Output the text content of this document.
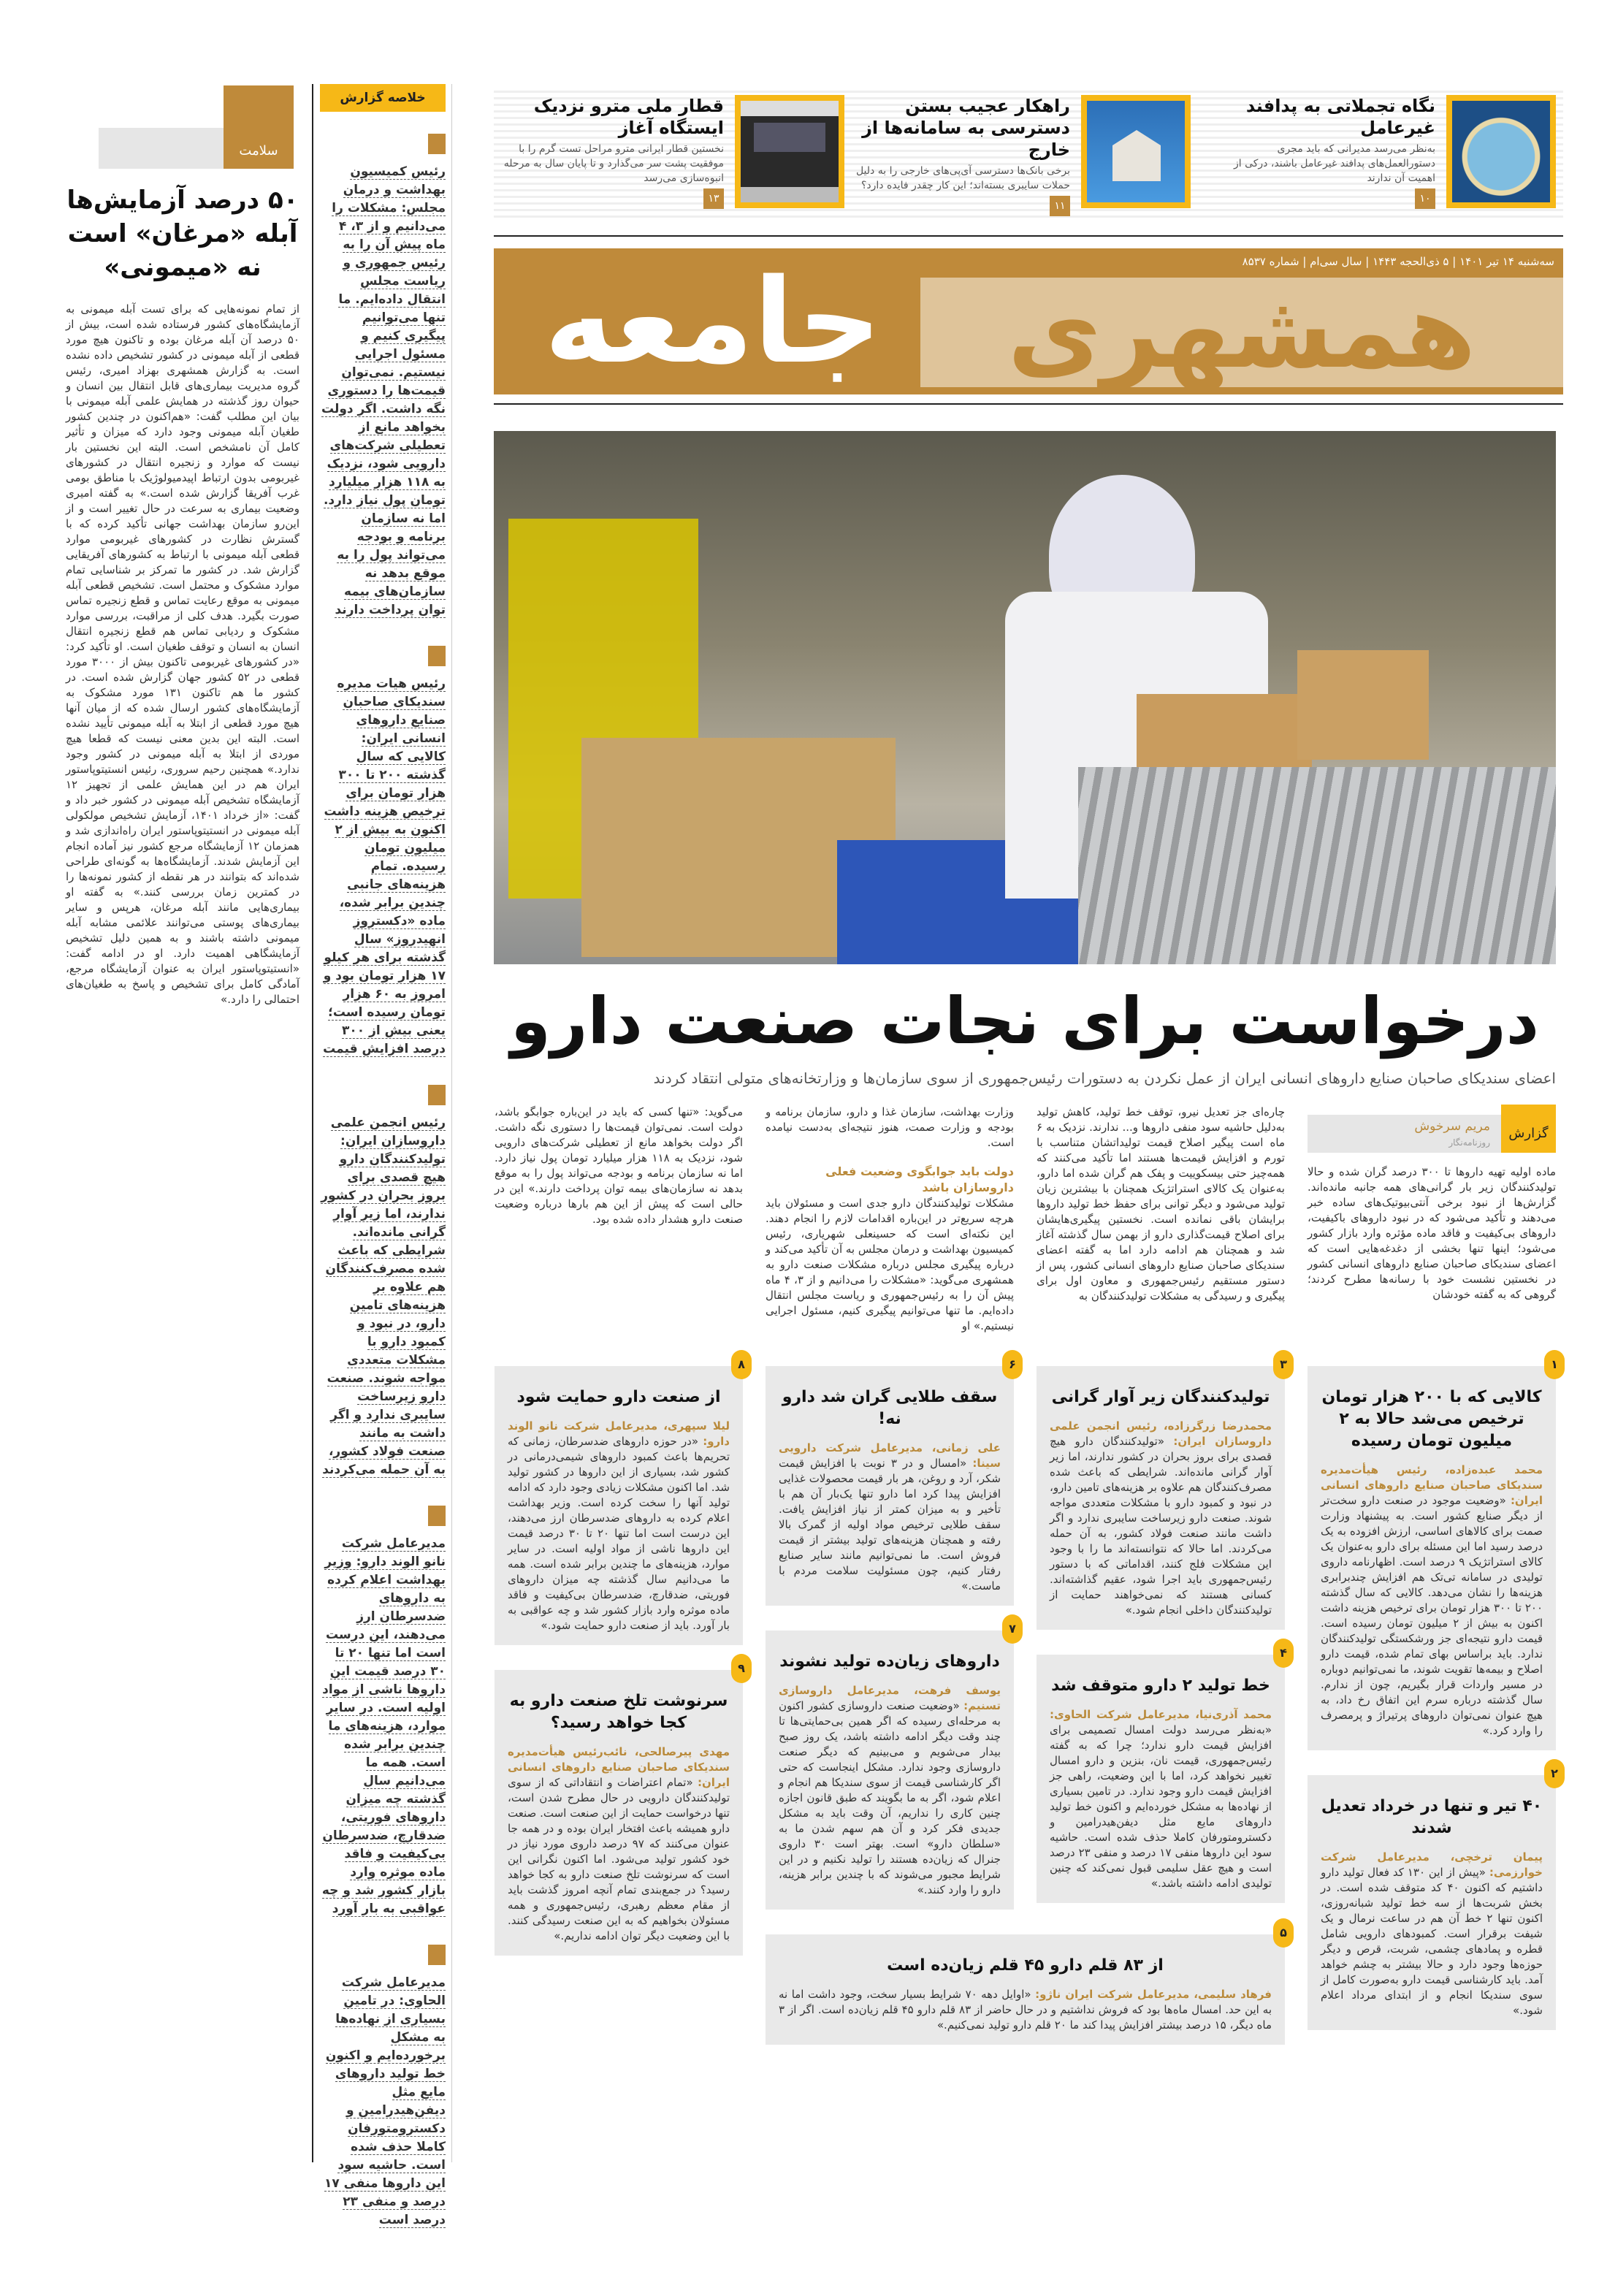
نگاه تجملاتی به پدافند غیرعامل
به‌نظر می‌رسد مدیرانی که باید مجری دستورالعمل‌های پدافند غیرعامل باشند، درکی از اهمیت آن ندارند
۱۰
راهکار عجیب بستن دسترسی به سامانه‌ها از خارج
برخی بانک‌ها دسترسی آی‌پی‌های خارجی را به دلیل حملات سایبری بسته‌اند؛ این کار چقدر فایده دارد؟
۱۱
قطار ملی مترو نزدیک ایستگاه آغاز
نخستین قطار ایرانی مترو مراحل تست گرم را با موفقیت پشت سر می‌گذارد و تا پایان سال به مرحله انبوه‌سازی می‌رسد
۱۳
سه‌شنبه ۱۴ تیر ۱۴۰۱ | ۵ ذی‌الحجه ۱۴۴۳ | سال سی‌ام | شماره ۸۵۳۷
همشهری
جامعه
درخواست برای نجات صنعت دارو
اعضای سندیکای صاحبان صنایع داروهای انسانی ایران از عمل نکردن به دستورات رئیس‌جمهوری از سوی سازمان‌ها و وزارتخانه‌های متولی انتقاد کردند
گزارش
مریم سرخوش
روزنامه‌نگار
ماده اولیه تهیه داروها تا ۳۰۰ درصد گران شده و حالا تولیدکنندگان زیر بار گرانی‌های همه جانبه مانده‌اند. گزارش‌ها از نبود برخی آنتی‌بیوتیک‌های ساده خبر می‌دهند و تأکید می‌شود که در نبود داروهای باکیفیت، داروهای بی‌کیفیت و فاقد ماده مؤثره وارد بازار کشور می‌شود؛ اینها تنها بخشی از دغدغه‌هایی است که اعضای سندیکای صاحبان صنایع داروهای انسانی کشور در نخستین نشست خود با رسانه‌ها مطرح کردند؛ گروهی که به گفته خودشان
چاره‌ای جز تعدیل نیرو، توقف خط تولید، کاهش تولید به‌دلیل حاشیه سود منفی داروها و... ندارند. نزدیک به ۶ ماه است پیگیر اصلاح قیمت تولیداتشان متناسب با تورم و افزایش قیمت‌ها هستند اما تأکید می‌کنند که همه‌چیز حتی بیسکوییت و پفک هم گران شده اما دارو، به‌عنوان یک کالای استراتژیک همچنان با بیشترین زیان تولید می‌شود و دیگر توانی برای حفظ خط تولید داروها برایشان باقی نمانده است. نخستین پیگیری‌هایشان برای اصلاح قیمت‌گذاری دارو از بهمن سال گذشته آغاز شد و همچنان هم ادامه دارد اما به گفته اعضای سندیکای صاحبان صنایع داروهای انسانی کشور، پس از دستور مستقیم رئیس‌جمهوری و معاون اول برای پیگیری و رسیدگی به مشکلات تولیدکنندگان به
وزارت بهداشت، سازمان غذا و دارو، سازمان برنامه و بودجه و وزارت صمت، هنوز نتیجه‌ای به‌دست نیامده است.
دولت باید جوابگوی وضعیت فعلی داروسازان باشد
مشکلات تولیدکنندگان دارو جدی است و مسئولان باید هرچه سریع‌تر در این‌باره اقدامات لازم را انجام دهند. این نکته‌ای است که حسینعلی شهریاری، رئیس کمیسیون بهداشت و درمان مجلس به آن تأکید می‌کند و درباره پیگیری مجلس درباره مشکلات صنعت دارو به همشهری می‌گوید: «مشکلات را می‌دانیم و از ۳، ۴ ماه پیش آن را به رئیس‌جمهوری و ریاست مجلس انتقال داده‌ایم. ما تنها می‌توانیم پیگیری کنیم، مسئول اجرایی نیستیم.» او
می‌گوید: «تنها کسی که باید در این‌باره جوابگو باشد، دولت است. نمی‌توان قیمت‌ها را دستوری نگه داشت. اگر دولت بخواهد مانع از تعطیلی شرکت‌های دارویی شود، نزدیک به ۱۱۸ هزار میلیارد تومان پول نیاز دارد. اما نه سازمان برنامه و بودجه می‌تواند پول را به موقع بدهد نه سازمان‌های بیمه توان پرداخت دارند.» این در حالی است که پیش از این هم بارها درباره وضعیت صنعت دارو هشدار داده شده بود.
۱
کالایی که با ۲۰۰ هزار تومان ترخیص می‌شد حالا به ۲ میلیون تومان رسیده

محمد عبده‌زاده، رئیس هیأت‌مدیره سندیکای صاحبان صنایع داروهای انسانی ایران: «وضعیت موجود در صنعت دارو سخت‌تر از دیگر صنایع کشور است. به پیشنهاد وزارت صمت برای کالاهای اساسی، ارزش افزوده به یک درصد رسید اما این مسئله برای دارو به‌عنوان یک کالای استراتژیک ۹ درصد است. اظهارنامه داروی تولیدی در سامانه تی‌تک هم افزایش چندبرابری هزینه‌ها را نشان می‌دهد. کالایی که سال گذشته ۲۰۰ تا ۳۰۰ هزار تومان برای ترخیص هزینه داشت اکنون به بیش از ۲ میلیون تومان رسیده است. قیمت دارو نتیجه‌ای جز ورشکستگی تولیدکنندگان ندارد. باید براساس بهای تمام شده، قیمت دارو اصلاح و بیمه‌ها تقویت شوند، ما نمی‌توانیم دوباره در مسیر واردات قرار بگیریم، چون از ندارم. سال گذشته درباره سرم این اتفاق رخ داد، به هیچ عنوان نمی‌توان داروهای پرتیراژ و پرمصرف را وارد کرد.»

۲
۴۰ تیر و تنها در خرداد تعدیل شدند

پیمان ترخچی، مدیرعامل شرکت خوارزمی: «پیش از این ۱۳۰ کد فعال تولید دارو داشتیم که اکنون ۴۰ کد متوقف شده است. در بخش شربت‌ها از سه خط تولید شبانه‌روزی، اکنون تنها ۲ خط آن هم در ساعت نرمال و یک شیفت برقرار است. کمبودهای دارویی شامل قطره و پمادهای چشمی، شربت، قرص و دیگر حوزه‌ها وجود دارد و حالا بیشتر به چشم خواهد آمد. باید کارشناسی قیمت دارو به‌صورت کامل از سوی سندیکا انجام و از ابتدای مرداد اعلام شود.»

۳
تولیدکنندگان زیر آوار گرانی

محمدرضا زرگرزاده، رئیس انجمن علمی داروسازان ایران: «تولیدکنندگان دارو هیچ قصدی برای بروز بحران در کشور ندارند، اما زیر آوار گرانی مانده‌اند. شرایطی که باعث شده مصرف‌کنندگان هم علاوه بر هزینه‌های تامین دارو، در نبود و کمبود دارو با مشکلات متعددی مواجه شوند. صنعت دارو زیرساخت سایبری ندارد و اگر داشت مانند صنعت فولاد کشور، به آن حمله می‌کردند. اما حالا که نتوانسته‌اند ما را با وجود این مشکلات فلج کنند، اقداماتی که با دستور رئیس‌جمهوری باید اجرا شود، عقیم گذاشته‌اند. کسانی هستند که نمی‌خواهند حمایت از تولیدکنندگان داخلی انجام شود.»

۴
خط تولید ۲ دارو متوقف شد

محمد آذری‌نیا، مدیرعامل شرکت الحاوی: «به‌نظر می‌رسد دولت امسال تصمیمی برای افزایش قیمت دارو ندارد؛ چرا که به گفته رئیس‌جمهوری، قیمت نان، بنزین و دارو امسال تغییر نخواهد کرد، اما با این وضعیت، راهی جز افزایش قیمت دارو وجود ندارد. در تامین بسیاری از نهاده‌ها به مشکل خورده‌ایم و اکنون خط تولید داروهای مایع مثل دیفن‌هیدرامین و دکسترومتورفان کاملا حذف شده است. حاشیه سود این داروها منفی ۱۷ درصد و منفی ۲۳ درصد است و هیچ عقل سلیمی قبول نمی‌کند که چنین تولیدی ادامه داشته باشد.»

۶
سقف طلایی گران شد دارو نه!

علی زمانی، مدیرعامل شرکت دارویی سینا: «امسال و در ۳ نوبت با افزایش قیمت شکر، آرد و روغن، هر بار قیمت محصولات غذایی افزایش پیدا کرد اما دارو تنها یک‌بار آن هم با تأخیر و به میزان کمتر از نیاز افزایش یافت. سقف طلایی ترخیص مواد اولیه از گمرک بالا رفته و همچنان هزینه‌های تولید بیشتر از قیمت فروش است. ما نمی‌توانیم مانند سایر صنایع رفتار کنیم، چون مسئولیت سلامت مردم با ماست.»

۷
داروهای زیان‌ده تولید نشوند

یوسف فرهت، مدیرعامل داروسازی تسنیم: «وضعیت صنعت داروسازی کشور اکنون به مرحله‌ای رسیده که اگر همین بی‌حمایتی‌ها تا چند وقت دیگر ادامه داشته باشد، یک روز صبح بیدار می‌شویم و می‌بینیم که دیگر صنعت داروسازی وجود ندارد. مشکل اینجاست که حتی اگر کارشناسی قیمت از سوی سندیکا هم انجام و اعلام شود، اگر به ما بگویند که طبق قانون اجازه چنین کاری را نداریم، آن وقت باید به مشکل جدیدی فکر کرد و آن هم سهم شدن ما به «سلطان دارو» است. بهتر است ۳۰ داروی جنرال که زیان‌ده هستند را تولید نکنیم و در این شرایط مجبور می‌شوند که با چندین برابر هزینه، دارو را وارد کنند.»

۵
از ۸۳ قلم دارو ۴۵ قلم زیان‌ده است

فرهاد سلیمی، مدیرعامل شرکت ایران ناژو: «اوایل دهه ۷۰ شرایط بسیار سخت، وجود داشت اما نه به این حد. امسال ماه‌ها بود که فروش نداشتیم و در حال حاضر از ۸۳ قلم دارو ۴۵ قلم زیان‌ده است. اگر از ۳ ماه دیگر، ۱۵ درصد بیشتر افزایش پیدا کند ما ۲۰ قلم دارو تولید نمی‌کنیم.»

۸
از صنعت دارو حمایت شود

لیلا سپهری، مدیرعامل شرکت نانو الوند دارو: «در حوزه داروهای ضدسرطان، زمانی که تحریم‌ها باعث کمبود داروهای شیمی‌درمانی در کشور شد، بسیاری از این داروها در کشور تولید شد. اما اکنون مشکلات زیادی وجود دارد که ادامه تولید آنها را سخت کرده است. وزیر بهداشت اعلام کرده به داروهای ضدسرطان ارز می‌دهند، این درست است اما تنها ۲۰ تا ۳۰ درصد قیمت این داروها ناشی از مواد اولیه است. در سایر موارد، هزینه‌های ما چندین برابر شده است. همه ما می‌دانیم سال گذشته چه میزان داروهای فوریتی، ضدقارچ، ضدسرطان بی‌کیفیت و فاقد ماده موثره وارد بازار کشور شد و چه عواقبی به بار آورد. باید از صنعت دارو حمایت شود.»

۹
سرنوشت تلخ صنعت دارو به کجا خواهد رسید؟

مهدی پیرصالحی، نائب‌رئیس هیأت‌مدیره سندیکای صاحبان صنایع داروهای انسانی ایران: «تمام اعتراضات و انتقاداتی که از سوی تولیدکنندگان دارویی در حال مطرح شدن است، تنها درخواست حمایت از این صنعت است. صنعت دارو همیشه باعث افتخار ایران بوده و در همه جا عنوان می‌کنند که ۹۷ درصد داروی مورد نیاز در خود کشور تولید می‌شود. اما اکنون نگرانی این است که سرنوشت تلخ صنعت دارو به کجا خواهد رسید؟ در جمع‌بندی تمام آنچه امروز گذشت باید از مقام معظم رهبری، رئیس‌جمهوری و همه مسئولان بخواهیم که به این صنعت رسیدگی کنند. با این وضعیت دیگر توان ادامه نداریم.»

خلاصه گزارش

رئیس کمیسیون بهداشت و درمان مجلس: مشکلات را می‌دانیم و از ۳، ۴ ماه پیش آن را به رئیس جمهوری و ریاست مجلس انتقال داده‌ایم. ما تنها می‌توانیم پیگیری کنیم و مسئول اجرایی نیستیم. نمی‌توان قیمت‌ها را دستوری نگه داشت. اگر دولت بخواهد مانع از تعطیلی شرکت‌های دارویی شود، نزدیک به ۱۱۸ هزار میلیارد تومان پول نیاز دارد. اما نه سازمان برنامه و بودجه می‌تواند پول را به موقع بدهد نه سازمان‌های بیمه توان پرداخت دارند

رئیس هیات مدیره سندیکای صاحبان صنایع داروهای انسانی ایران: کالایی که سال گذشته ۲۰۰ تا ۳۰۰ هزار تومان برای ترخیص هزینه داشت اکنون به بیش از ۲ میلیون تومان رسیده. تمام هزینه‌های جانبی چندین برابر شده، ماده «دکستروز انهیدروز» سال گذشته برای هر کیلو ۱۷ هزار تومان بود و امروز به ۶۰ هزار تومان رسیده است؛ یعنی بیش از ۳۰۰ درصد افزایش قیمت

رئیس انجمن علمی داروسازان ایران: تولیدکنندگان دارو هیچ قصدی برای بروز بحران در کشور ندارند، اما زیر آوار گرانی مانده‌اند. شرایطی که باعث شده مصرف‌کنندگان هم علاوه بر هزینه‌های تامین دارو، در نبود و کمبود دارو با مشکلات متعددی مواجه شوند. صنعت دارو زیرساخت سایبری ندارد و اگر داشت به مانند صنعت فولاد کشور، به آن حمله می‌کردند

مدیرعامل شرکت نانو الوند دارو: وزیر بهداشت اعلام کرده به داروهای ضدسرطان ارز می‌دهند، این درست است اما تنها ۲۰ تا ۳۰ درصد قیمت این داروها ناشی از مواد اولیه است. در سایر موارد، هزینه‌های ما چندین برابر شده است. همه ما می‌دانیم سال گذشته چه میزان داروهای فوریتی، ضدقارچ، ضدسرطان بی‌کیفیت و فاقد ماده موثره وارد بازار کشور شد و چه عواقبی به بار آورد

مدیرعامل شرکت الحاوی: در تامین بسیاری از نهاده‌ها به مشکل برخورده‌ایم و اکنون خط تولید داروهای مایع مثل دیفن‌هیدرامین و دکسترومتورفان کاملا حذف شده است. حاشیه سود این داروها منفی ۱۷ درصد و منفی ۲۳ درصد است

سلامت
۵۰ درصد آزمایش‌ها آبله «مرغان» است نه «میمونی»
از تمام نمونه‌هایی که برای تست آبله میمونی به آزمایشگاه‌های کشور فرستاده شده است، بیش از ۵۰ درصد آن آبله مرغان بوده و تاکنون هیچ مورد قطعی از آبله میمونی در کشور تشخیص داده نشده است. به گزارش همشهری بهزاد امیری، رئیس گروه مدیریت بیماری‌های قابل انتقال بین انسان و حیوان روز گذشته در همایش علمی آبله میمونی با بیان این مطلب گفت: «هم‌اکنون در چندین کشور طغیان آبله میمونی وجود دارد که میزان و تأثیر کامل آن نامشخص است. البته این نخستین بار نیست که موارد و زنجیره انتقال در کشورهای غیربومی بدون ارتباط اپیدمیولوژیک با مناطق بومی غرب آفریقا گزارش شده است.» به گفته امیری وضعیت بیماری به سرعت در حال تغییر است و از این‌رو سازمان بهداشت جهانی تأکید کرده که با گسترش نظارت در کشورهای غیربومی موارد قطعی آبله میمونی با ارتباط به کشورهای آفریقایی گزارش شد. در کشور ما تمرکز بر شناسایی تمام موارد مشکوک و محتمل است. تشخیص قطعی آبله میمونی به موقع رعایت تماس و قطع زنجیره تماس صورت بگیرد. هدف کلی از مراقبت، بررسی موارد مشکوک و ردیابی تماس هم قطع زنجیره انتقال انسان به انسان و توقف طغیان است. او تأکید کرد: «در کشورهای غیربومی تاکنون بیش از ۳۰۰۰ مورد قطعی در ۵۲ کشور جهان گزارش شده است. در کشور ما هم تاکنون ۱۳۱ مورد مشکوک به آزمایشگاه‌های کشور ارسال شده که از میان آنها هیچ مورد قطعی از ابتلا به آبله میمونی تأیید نشده است. البته این بدین معنی نیست که قطعا هیچ موردی از ابتلا به آبله میمونی در کشور وجود ندارد.» همچنین رحیم سروری، رئیس انستیتوپاستور ایران هم در این همایش علمی از تجهیز ۱۲ آزمایشگاه تشخیص آبله میمونی در کشور خبر داد و گفت: «از خرداد ۱۴۰۱، آزمایش تشخیص مولکولی آبله میمونی در انستیتوپاستور ایران راه‌اندازی شد و همزمان ۱۲ آزمایشگاه مرجع کشور نیز آماده انجام این آزمایش شدند. آزمایشگاه‌ها به گونه‌ای طراحی شده‌اند که بتوانند در هر نقطه از کشور نمونه‌ها را در کمترین زمان بررسی کنند.» به گفته او بیماری‌هایی مانند آبله مرغان، هرپس و سایر بیماری‌های پوستی می‌توانند علائمی مشابه آبله میمونی داشته باشند و به همین دلیل تشخیص آزمایشگاهی اهمیت دارد. او در ادامه گفت: «انستیتوپاستور ایران به عنوان آزمایشگاه مرجع، آمادگی کامل برای تشخیص و پاسخ به طغیان‌های احتمالی را دارد.»
